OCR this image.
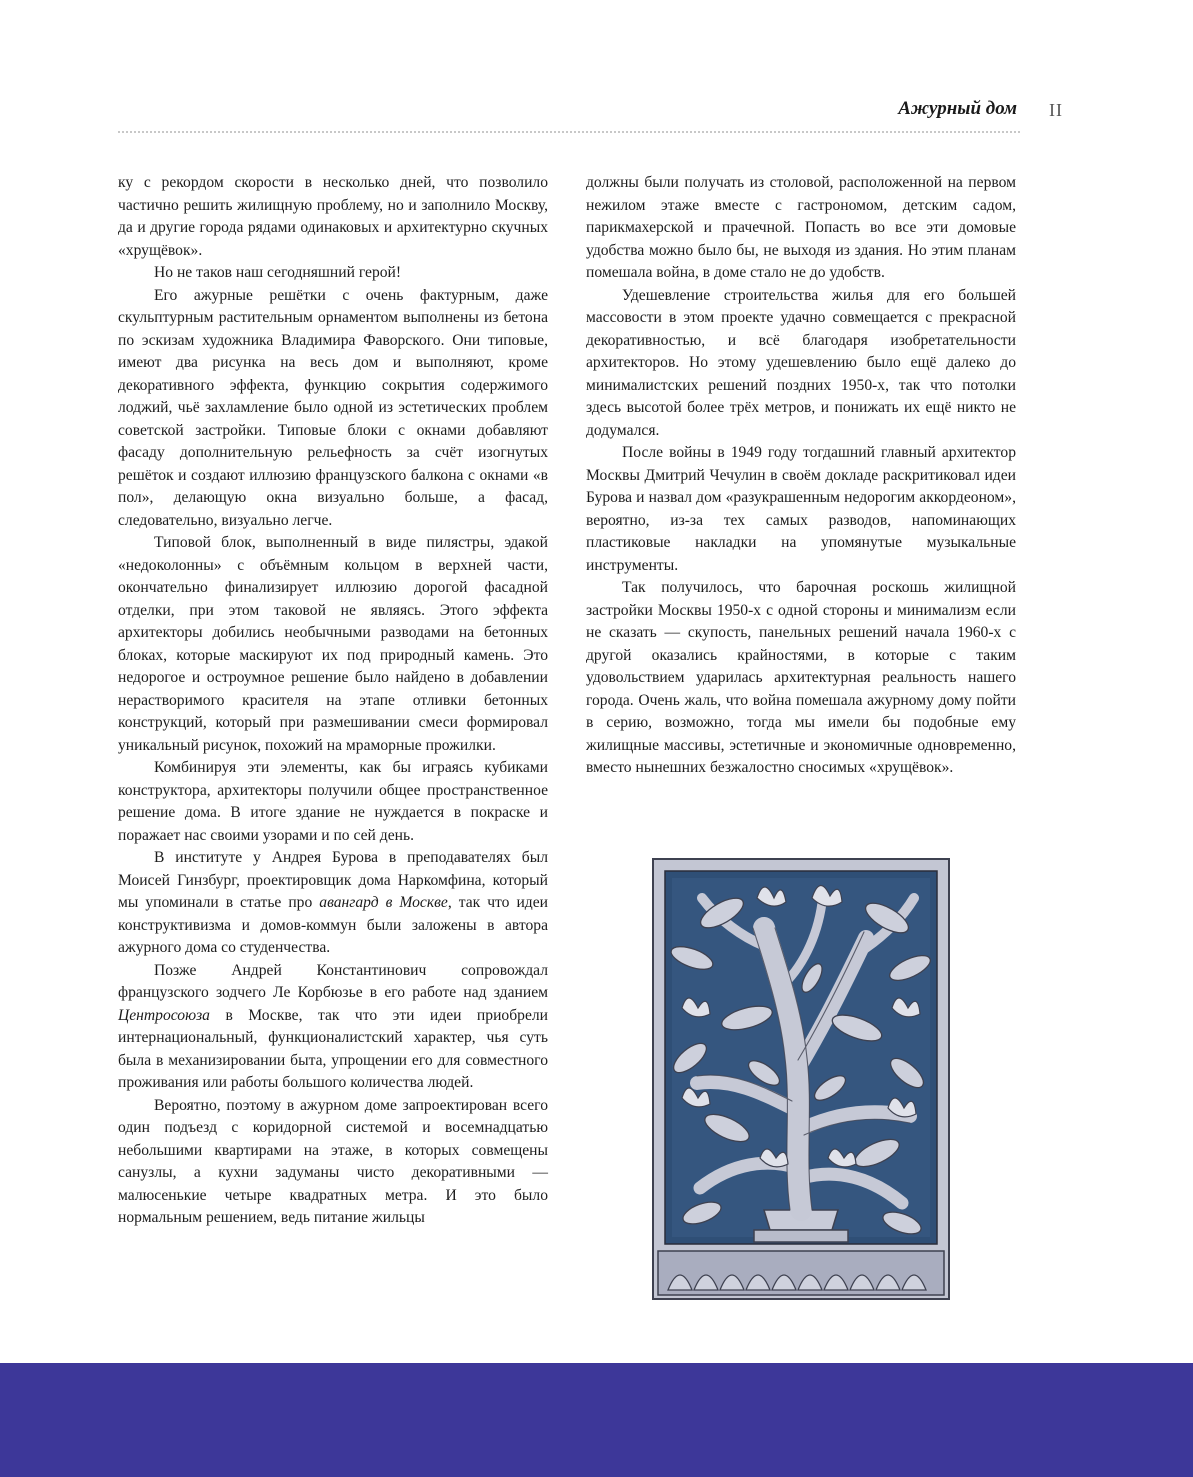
Ажурный дом II

ку с рекордом скорости в несколько дней, что позволило частично решить жилищную проблему, но и заполнило Москву, да и другие города рядами одинаковых и архитектурно скучных «хрущёвок».

Но не таков наш сегодняшний герой!

Его ажурные решётки с очень фактурным, даже скульптурным растительным орнаментом выполнены из бетона по эскизам художника Владимира Фаворского. Они типовые, имеют два рисунка на весь дом и выполняют, кроме декоративного эффекта, функцию сокрытия содержимого лоджий, чьё захламление было одной из эстетических проблем советской застройки. Типовые блоки с окнами добавляют фасаду дополнительную рельефность за счёт изогнутых решёток и создают иллюзию французского балкона с окнами «в пол», делающую окна визуально больше, а фасад, следовательно, визуально легче.

Типовой блок, выполненный в виде пилястры, эдакой «недоколонны» с объёмным кольцом в верхней части, окончательно финализирует иллюзию дорогой фасадной отделки, при этом таковой не являясь. Этого эффекта архитекторы добились необычными разводами на бетонных блоках, которые маскируют их под природный камень. Это недорогое и остроумное решение было найдено в добавлении нерастворимого красителя на этапе отливки бетонных конструкций, который при размешивании смеси формировал уникальный рисунок, похожий на мраморные прожилки.

Комбинируя эти элементы, как бы играясь кубиками конструктора, архитекторы получили общее пространственное решение дома. В итоге здание не нуждается в покраске и поражает нас своими узорами и по сей день.

В институте у Андрея Бурова в преподавателях был Моисей Гинзбург, проектировщик дома Наркомфина, который мы упоминали в статье про авангард в Москве, так что идеи конструктивизма и домов-коммун были заложены в автора ажурного дома со студенчества.

Позже Андрей Константинович сопровождал французского зодчего Ле Корбюзье в его работе над зданием Центросоюза в Москве, так что эти идеи приобрели интернациональный, функционалистский характер, чья суть была в механизировании быта, упрощении его для совместного проживания или работы большого количества людей.

Вероятно, поэтому в ажурном доме запроектирован всего один подъезд с коридорной системой и восемнадцатью небольшими квартирами на этаже, в которых совмещены санузлы, а кухни задуманы чисто декоративными — малюсенькие четыре квадратных метра. И это было нормальным решением, ведь питание жильцы

должны были получать из столовой, расположенной на первом нежилом этаже вместе с гастрономом, детским садом, парикмахерской и прачечной. Попасть во все эти домовые удобства можно было бы, не выходя из здания. Но этим планам помешала война, в доме стало не до удобств.

Удешевление строительства жилья для его большей массовости в этом проекте удачно совмещается с прекрасной декоративностью, и всё благодаря изобретательности архитекторов. Но этому удешевлению было ещё далеко до минималистских решений поздних 1950-х, так что потолки здесь высотой более трёх метров, и понижать их ещё никто не додумался.

После войны в 1949 году тогдашний главный архитектор Москвы Дмитрий Чечулин в своём докладе раскритиковал идеи Бурова и назвал дом «разукрашенным недорогим аккордеоном», вероятно, из-за тех самых разводов, напоминающих пластиковые накладки на упомянутые музыкальные инструменты.

Так получилось, что барочная роскошь жилищной застройки Москвы 1950-х с одной стороны и минимализм если не сказать — скупость, панельных решений начала 1960-х с другой оказались крайностями, в которые с таким удовольствием ударилась архитектурная реальность нашего города. Очень жаль, что война помешала ажурному дому пойти в серию, возможно, тогда мы имели бы подобные ему жилищные массивы, эстетичные и экономичные одновременно, вместо нынешних безжалостно сносимых «хрущёвок».
